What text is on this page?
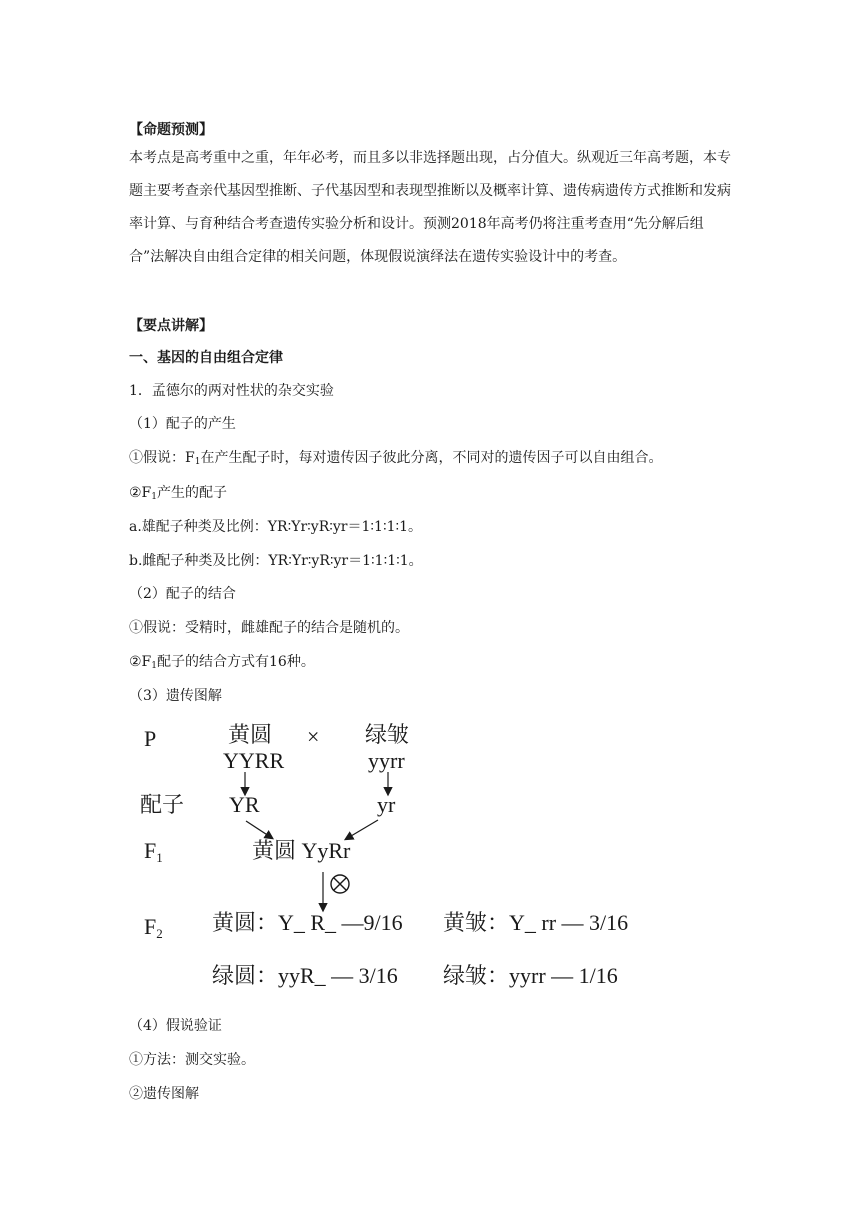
【命题预测】
本考点是高考重中之重，年年必考，而且多以非选择题出现，占分值大。纵观近三年高考题，本专题主要考查亲代基因型推断、子代基因型和表现型推断以及概率计算、遗传病遗传方式推断和发病率计算、与育种结合考查遗传实验分析和设计。预测2018年高考仍将注重考查用“先分解后组合”法解决自由组合定律的相关问题，体现假说演绎法在遗传实验设计中的考查。
【要点讲解】
一、基因的自由组合定律
1．孟德尔的两对性状的杂交实验
（1）配子的产生
①假说：$F_1$在产生配子时，每对遗传因子彼此分离，不同对的遗传因子可以自由组合。
$②F_1$产生的配子
a.雄配子种类及比例：YR∶Yr∶yR∶yr＝1∶1∶1∶1。
b.雌配子种类及比例：YR∶Yr∶yR∶yr＝1∶1∶1∶1。
（2）配子的结合
①假说：受精时，雌雄配子的结合是随机的。
$②F_1$配子的结合方式有16种。
（3）遗传图解
P	黄圆 × 绿皱
YYRR	yyrr
配子 YR	yr
$F_1$	黄圆 YyRr
$F_2$ 黄圆：Y_ R_ —9/16 黄皱：Y_ rr — 3/16
绿圆：yyR_ — 3/16 绿皱：yyrr — 1/16
（4）假说验证
①方法：测交实验。
②遗传图解
